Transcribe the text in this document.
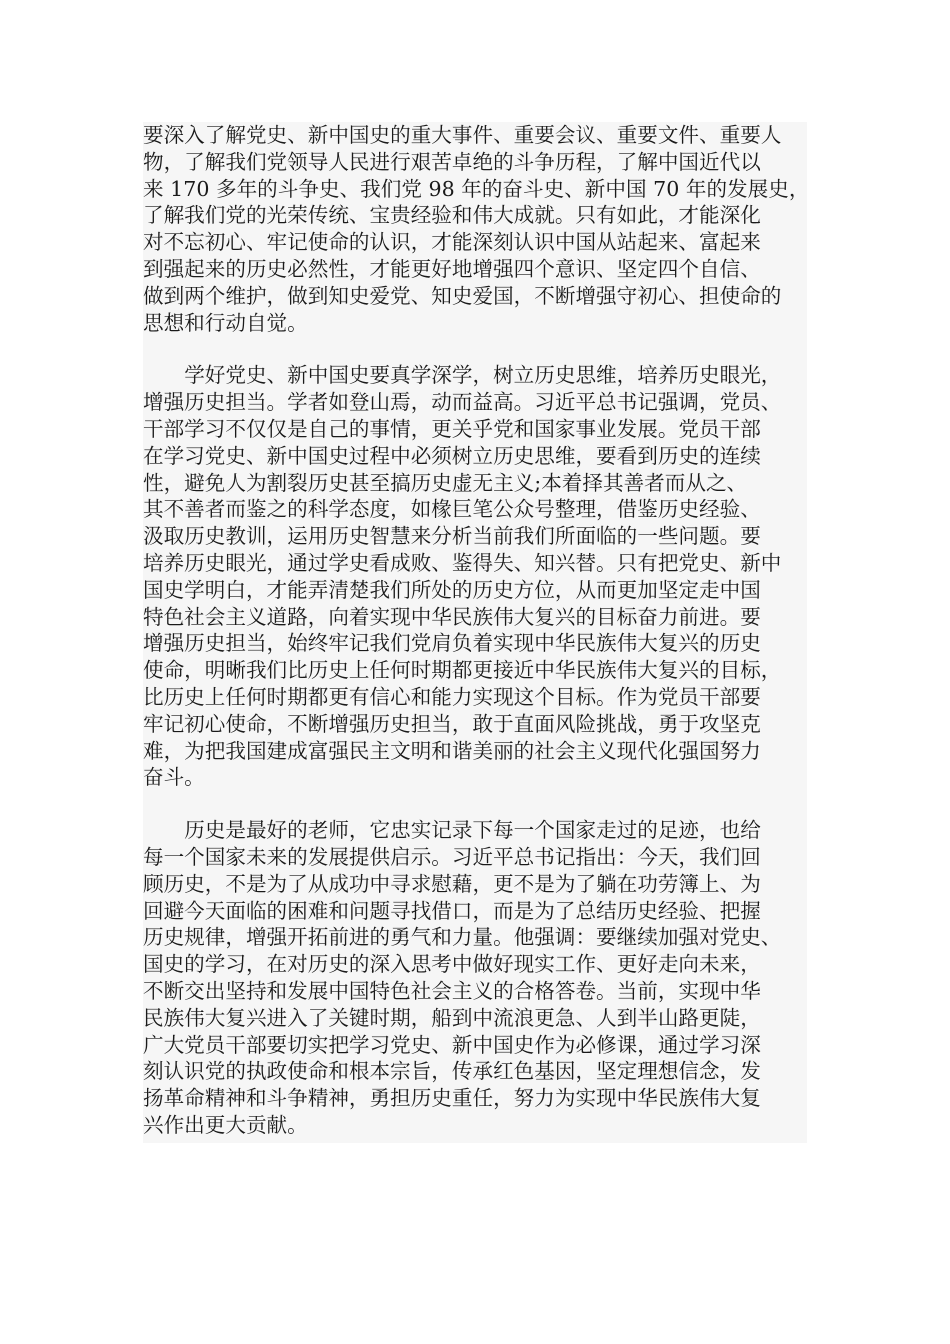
要深入了解党史、新中国史的重大事件、重要会议、重要文件、重要人
物，了解我们党领导人民进行艰苦卓绝的斗争历程，了解中国近代以
来 170 多年的斗争史、我们党 98 年的奋斗史、新中国 70 年的发展史，
了解我们党的光荣传统、宝贵经验和伟大成就。只有如此，才能深化
对不忘初心、牢记使命的认识，才能深刻认识中国从站起来、富起来
到强起来的历史必然性，才能更好地增强四个意识、坚定四个自信、
做到两个维护，做到知史爱党、知史爱国，不断增强守初心、担使命的
思想和行动自觉。
学好党史、新中国史要真学深学，树立历史思维，培养历史眼光，
增强历史担当。学者如登山焉，动而益高。习近平总书记强调，党员、
干部学习不仅仅是自己的事情，更关乎党和国家事业发展。党员干部
在学习党史、新中国史过程中必须树立历史思维，要看到历史的连续
性，避免人为割裂历史甚至搞历史虚无主义;本着择其善者而从之、
其不善者而鉴之的科学态度，如椽巨笔公众号整理，借鉴历史经验、
汲取历史教训，运用历史智慧来分析当前我们所面临的一些问题。要
培养历史眼光，通过学史看成败、鉴得失、知兴替。只有把党史、新中
国史学明白，才能弄清楚我们所处的历史方位，从而更加坚定走中国
特色社会主义道路，向着实现中华民族伟大复兴的目标奋力前进。要
增强历史担当，始终牢记我们党肩负着实现中华民族伟大复兴的历史
使命，明晰我们比历史上任何时期都更接近中华民族伟大复兴的目标，
比历史上任何时期都更有信心和能力实现这个目标。作为党员干部要
牢记初心使命，不断增强历史担当，敢于直面风险挑战，勇于攻坚克
难，为把我国建成富强民主文明和谐美丽的社会主义现代化强国努力
奋斗。
历史是最好的老师，它忠实记录下每一个国家走过的足迹，也给
每一个国家未来的发展提供启示。习近平总书记指出：今天，我们回
顾历史，不是为了从成功中寻求慰藉，更不是为了躺在功劳簿上、为
回避今天面临的困难和问题寻找借口，而是为了总结历史经验、把握
历史规律，增强开拓前进的勇气和力量。他强调：要继续加强对党史、
国史的学习，在对历史的深入思考中做好现实工作、更好走向未来，
不断交出坚持和发展中国特色社会主义的合格答卷。当前，实现中华
民族伟大复兴进入了关键时期，船到中流浪更急、人到半山路更陡，
广大党员干部要切实把学习党史、新中国史作为必修课，通过学习深
刻认识党的执政使命和根本宗旨，传承红色基因，坚定理想信念，发
扬革命精神和斗争精神，勇担历史重任，努力为实现中华民族伟大复
兴作出更大贡献。
